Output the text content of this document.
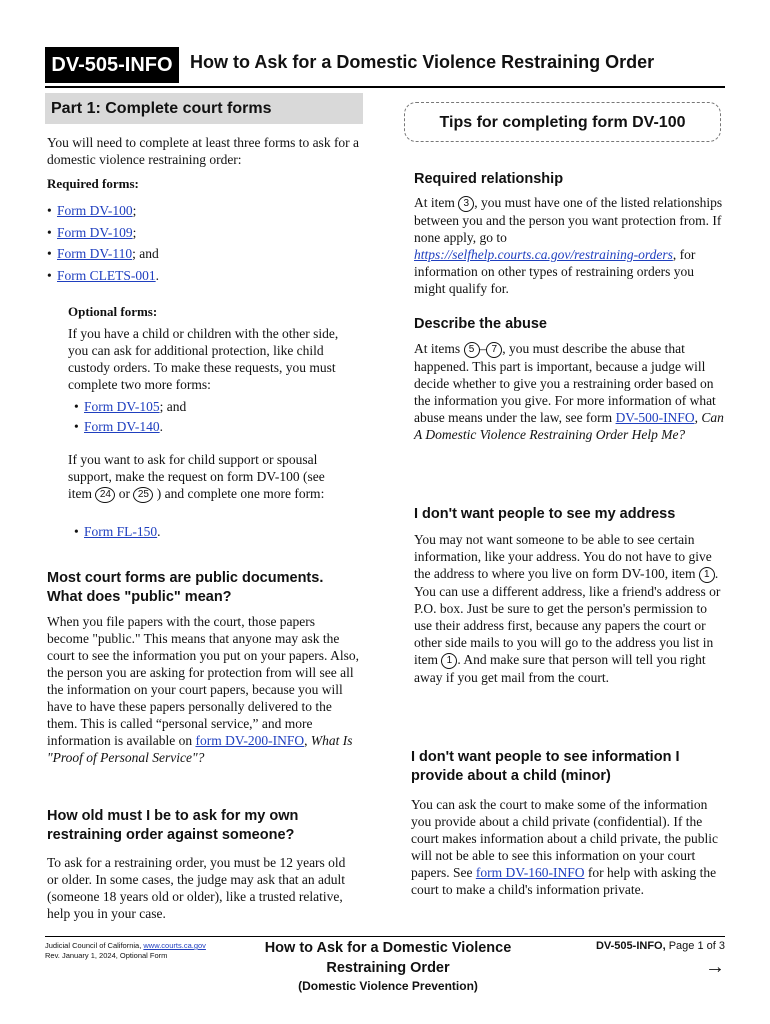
DV-505-INFO How to Ask for a Domestic Violence Restraining Order
Part 1: Complete court forms
You will need to complete at least three forms to ask for a domestic violence restraining order:
Required forms:
• Form DV-100;
• Form DV-109;
• Form DV-110; and
• Form CLETS-001.
Optional forms:
If you have a child or children with the other side, you can ask for additional protection, like child custody orders. To make these requests, you must complete two more forms:
• Form DV-105; and
• Form DV-140.
If you want to ask for child support or spousal support, make the request on form DV-100 (see item 24 or 25 ) and complete one more form:
• Form FL-150.
Most court forms are public documents. What does "public" mean?
When you file papers with the court, those papers become "public." This means that anyone may ask the court to see the information you put on your papers. Also, the person you are asking for protection from will see all the information on your court papers, because you will have to have these papers personally delivered to the them. This is called “personal service,” and more information is available on form DV-200-INFO, What Is "Proof of Personal Service"?
How old must I be to ask for my own restraining order against someone?
To ask for a restraining order, you must be 12 years old or older. In some cases, the judge may ask that an adult (someone 18 years old or older), like a trusted relative, help you in your case.
Tips for completing form DV-100
Required relationship
At item 3 , you must have one of the listed relationships between you and the person you want protection from. If none apply, go to https://selfhelp.courts.ca.gov/restraining-orders, for information on other types of restraining orders you might qualify for.
Describe the abuse
At items 5 – 7 , you must describe the abuse that happened. This part is important, because a judge will decide whether to give you a restraining order based on the information you give. For more information of what abuse means under the law, see form DV-500-INFO, Can A Domestic Violence Restraining Order Help Me?
I don't want people to see my address
You may not want someone to be able to see certain information, like your address. You do not have to give the address to where you live on form DV-100, item 1 . You can use a different address, like a friend's address or P.O. box. Just be sure to get the person's permission to use their address first, because any papers the court or other side mails to you will go to the address you list in item 1 . And make sure that person will tell you right away if you get mail from the court.
I don't want people to see information I provide about a child (minor)
You can ask the court to make some of the information you provide about a child private (confidential). If the court makes information about a child private, the public will not be able to see this information on your court papers. See form DV-160-INFO for help with asking the court to make a child's information private.
Judicial Council of California, www.courts.ca.gov
Rev. January 1, 2024, Optional Form	How to Ask for a Domestic Violence
Restraining Order
(Domestic Violence Prevention)
DV-505-INFO, Page 1 of 3
→
